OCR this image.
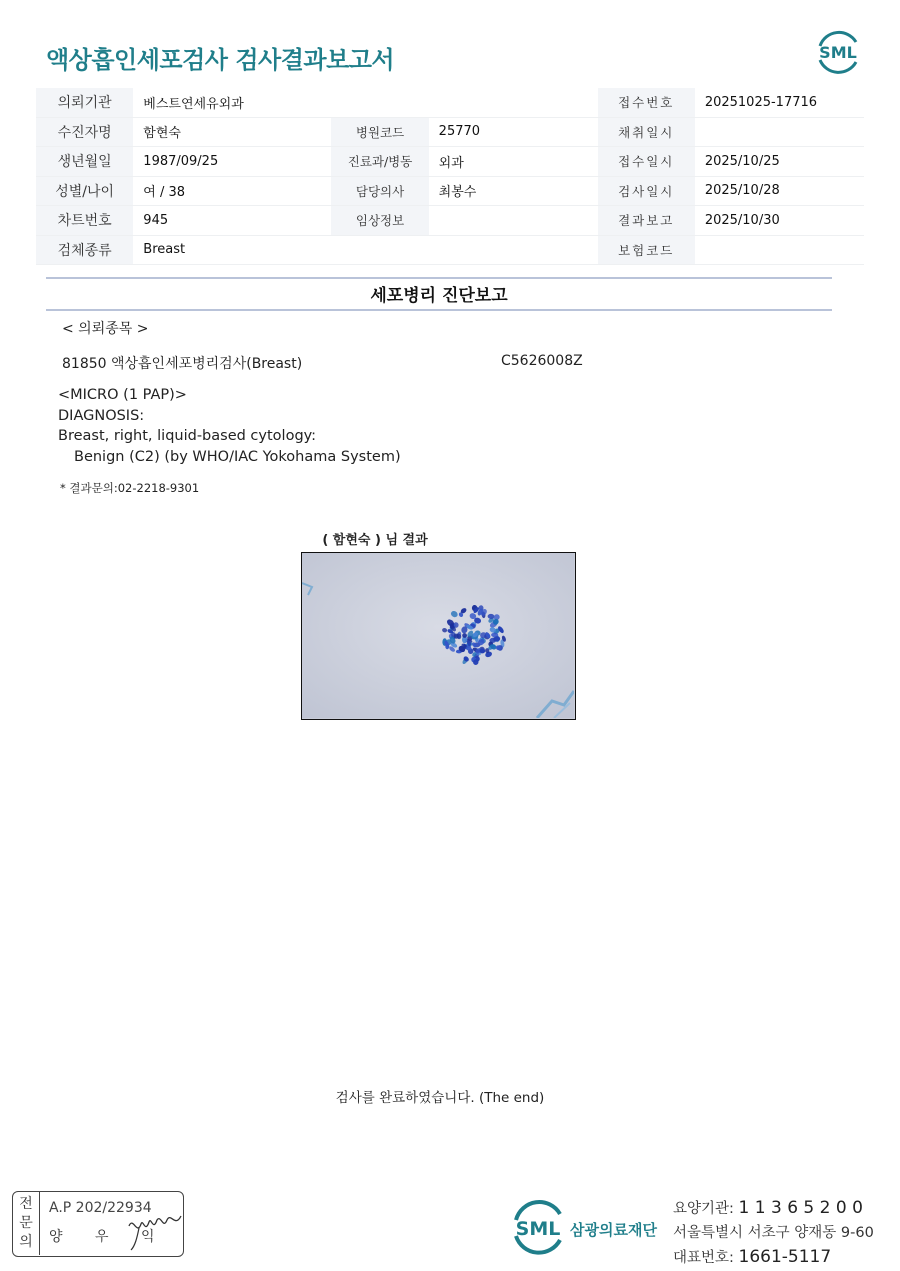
액상흡인세포검사 검사결과보고서	SML
의뢰기관	베스트연세유외과			접수번호	20251025-17716
수진자명	함현숙	병원코드	25770	채취일시	
생년월일	1987/09/25	진료과/병동	외과	접수일시	2025/10/25
성별/나이	여 / 38	담당의사	최봉수	검사일시	2025/10/28
차트번호	945	임상정보		결과보고	2025/10/30
검체종류	Breast			보험코드	
세포병리 진단보고
< 의뢰종목 >
81850 액상흡인세포병리검사(Breast)	C5626008Z
<MICRO (1 PAP)>
DIAGNOSIS:
Breast, right, liquid-based cytology:
Benign (C2) (by WHO/IAC Yokohama System)
* 결과문의:02-2218-9301
( 함현숙 ) 님 결과
검사를 완료하였습니다. (The end)
전
문
의
A.P 202/22934
양 우 익	SML 삼광의료재단
요양기관: 1 1 3 6 5 2 0 0
서울특별시 서초구 양재동 9-60
대표번호: 1661-5117
